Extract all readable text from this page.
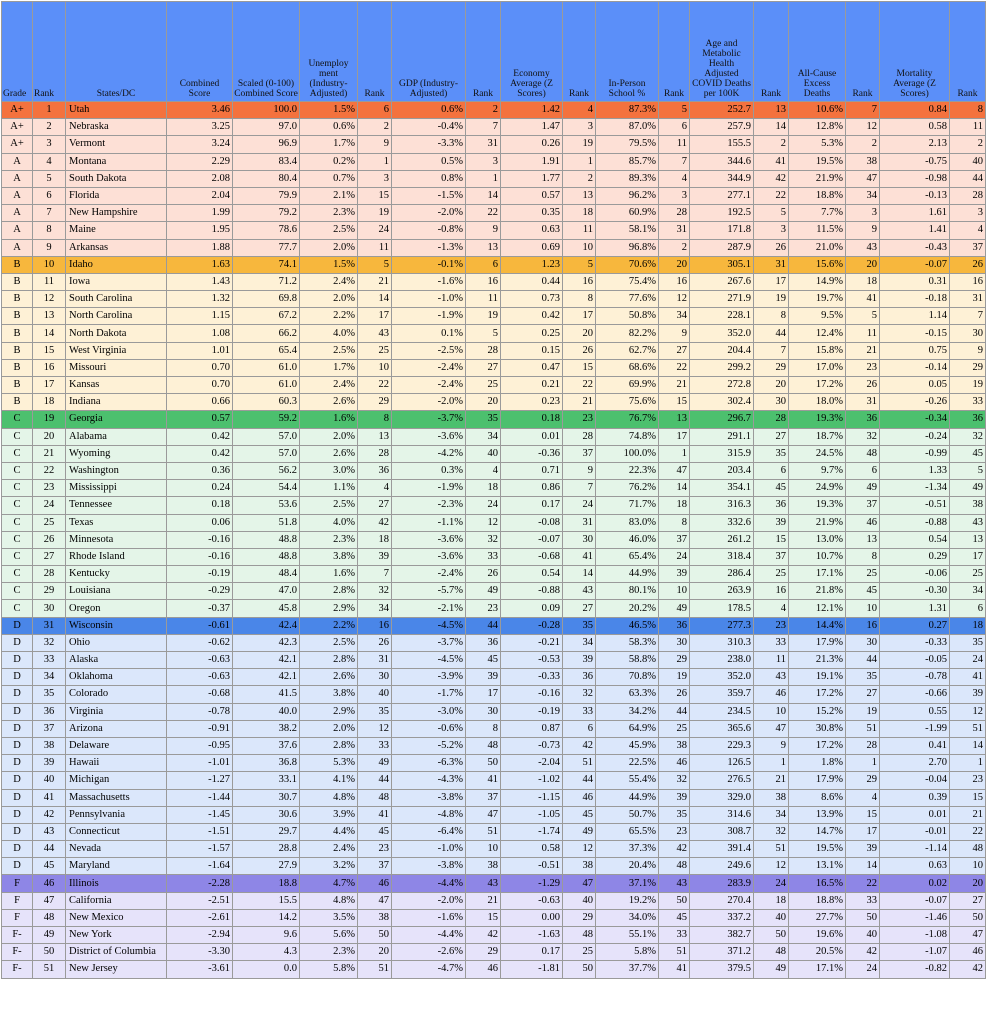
Grade	Rank	States/DC	Combined Score	Scaled (0-100) Combined Score	Unemploy ment (Industry-Adjusted)	Rank	GDP (Industry-Adjusted)	Rank	Economy Average (Z Scores)	Rank	In-Person School %	Rank	Age and Metabolic Health Adjusted COVID Deaths per 100K	Rank	All-Cause Excess Deaths	Rank	Mortality Average (Z Scores)	Rank
A+	1	Utah	3.46	100.0	1.5%	6	0.6%	2	1.42	4	87.3%	5	252.7	13	10.6%	7	0.84	8
A+	2	Nebraska	3.25	97.0	0.6%	2	-0.4%	7	1.47	3	87.0%	6	257.9	14	12.8%	12	0.58	11
A+	3	Vermont	3.24	96.9	1.7%	9	-3.3%	31	0.26	19	79.5%	11	155.5	2	5.3%	2	2.13	2
A	4	Montana	2.29	83.4	0.2%	1	0.5%	3	1.91	1	85.7%	7	344.6	41	19.5%	38	-0.75	40
A	5	South Dakota	2.08	80.4	0.7%	3	0.8%	1	1.77	2	89.3%	4	344.9	42	21.9%	47	-0.98	44
A	6	Florida	2.04	79.9	2.1%	15	-1.5%	14	0.57	13	96.2%	3	277.1	22	18.8%	34	-0.13	28
A	7	New Hampshire	1.99	79.2	2.3%	19	-2.0%	22	0.35	18	60.9%	28	192.5	5	7.7%	3	1.61	3
A	8	Maine	1.95	78.6	2.5%	24	-0.8%	9	0.63	11	58.1%	31	171.8	3	11.5%	9	1.41	4
A	9	Arkansas	1.88	77.7	2.0%	11	-1.3%	13	0.69	10	96.8%	2	287.9	26	21.0%	43	-0.43	37
B	10	Idaho	1.63	74.1	1.5%	5	-0.1%	6	1.23	5	70.6%	20	305.1	31	15.6%	20	-0.07	26
B	11	Iowa	1.43	71.2	2.4%	21	-1.6%	16	0.44	16	75.4%	16	267.6	17	14.9%	18	0.31	16
B	12	South Carolina	1.32	69.8	2.0%	14	-1.0%	11	0.73	8	77.6%	12	271.9	19	19.7%	41	-0.18	31
B	13	North Carolina	1.15	67.2	2.2%	17	-1.9%	19	0.42	17	50.8%	34	228.1	8	9.5%	5	1.14	7
B	14	North Dakota	1.08	66.2	4.0%	43	0.1%	5	0.25	20	82.2%	9	352.0	44	12.4%	11	-0.15	30
B	15	West Virginia	1.01	65.4	2.5%	25	-2.5%	28	0.15	26	62.7%	27	204.4	7	15.8%	21	0.75	9
B	16	Missouri	0.70	61.0	1.7%	10	-2.4%	27	0.47	15	68.6%	22	299.2	29	17.0%	23	-0.14	29
B	17	Kansas	0.70	61.0	2.4%	22	-2.4%	25	0.21	22	69.9%	21	272.8	20	17.2%	26	0.05	19
B	18	Indiana	0.66	60.3	2.6%	29	-2.0%	20	0.23	21	75.6%	15	302.4	30	18.0%	31	-0.26	33
C	19	Georgia	0.57	59.2	1.6%	8	-3.7%	35	0.18	23	76.7%	13	296.7	28	19.3%	36	-0.34	36
C	20	Alabama	0.42	57.0	2.0%	13	-3.6%	34	0.01	28	74.8%	17	291.1	27	18.7%	32	-0.24	32
C	21	Wyoming	0.42	57.0	2.6%	28	-4.2%	40	-0.36	37	100.0%	1	315.9	35	24.5%	48	-0.99	45
C	22	Washington	0.36	56.2	3.0%	36	0.3%	4	0.71	9	22.3%	47	203.4	6	9.7%	6	1.33	5
C	23	Mississippi	0.24	54.4	1.1%	4	-1.9%	18	0.86	7	76.2%	14	354.1	45	24.9%	49	-1.34	49
C	24	Tennessee	0.18	53.6	2.5%	27	-2.3%	24	0.17	24	71.7%	18	316.3	36	19.3%	37	-0.51	38
C	25	Texas	0.06	51.8	4.0%	42	-1.1%	12	-0.08	31	83.0%	8	332.6	39	21.9%	46	-0.88	43
C	26	Minnesota	-0.16	48.8	2.3%	18	-3.6%	32	-0.07	30	46.0%	37	261.2	15	13.0%	13	0.54	13
C	27	Rhode Island	-0.16	48.8	3.8%	39	-3.6%	33	-0.68	41	65.4%	24	318.4	37	10.7%	8	0.29	17
C	28	Kentucky	-0.19	48.4	1.6%	7	-2.4%	26	0.54	14	44.9%	39	286.4	25	17.1%	25	-0.06	25
C	29	Louisiana	-0.29	47.0	2.8%	32	-5.7%	49	-0.88	43	80.1%	10	263.9	16	21.8%	45	-0.30	34
C	30	Oregon	-0.37	45.8	2.9%	34	-2.1%	23	0.09	27	20.2%	49	178.5	4	12.1%	10	1.31	6
D	31	Wisconsin	-0.61	42.4	2.2%	16	-4.5%	44	-0.28	35	46.5%	36	277.3	23	14.4%	16	0.27	18
D	32	Ohio	-0.62	42.3	2.5%	26	-3.7%	36	-0.21	34	58.3%	30	310.3	33	17.9%	30	-0.33	35
D	33	Alaska	-0.63	42.1	2.8%	31	-4.5%	45	-0.53	39	58.8%	29	238.0	11	21.3%	44	-0.05	24
D	34	Oklahoma	-0.63	42.1	2.6%	30	-3.9%	39	-0.33	36	70.8%	19	352.0	43	19.1%	35	-0.78	41
D	35	Colorado	-0.68	41.5	3.8%	40	-1.7%	17	-0.16	32	63.3%	26	359.7	46	17.2%	27	-0.66	39
D	36	Virginia	-0.78	40.0	2.9%	35	-3.0%	30	-0.19	33	34.2%	44	234.5	10	15.2%	19	0.55	12
D	37	Arizona	-0.91	38.2	2.0%	12	-0.6%	8	0.87	6	64.9%	25	365.6	47	30.8%	51	-1.99	51
D	38	Delaware	-0.95	37.6	2.8%	33	-5.2%	48	-0.73	42	45.9%	38	229.3	9	17.2%	28	0.41	14
D	39	Hawaii	-1.01	36.8	5.3%	49	-6.3%	50	-2.04	51	22.5%	46	126.5	1	1.8%	1	2.70	1
D	40	Michigan	-1.27	33.1	4.1%	44	-4.3%	41	-1.02	44	55.4%	32	276.5	21	17.9%	29	-0.04	23
D	41	Massachusetts	-1.44	30.7	4.8%	48	-3.8%	37	-1.15	46	44.9%	39	329.0	38	8.6%	4	0.39	15
D	42	Pennsylvania	-1.45	30.6	3.9%	41	-4.8%	47	-1.05	45	50.7%	35	314.6	34	13.9%	15	0.01	21
D	43	Connecticut	-1.51	29.7	4.4%	45	-6.4%	51	-1.74	49	65.5%	23	308.7	32	14.7%	17	-0.01	22
D	44	Nevada	-1.57	28.8	2.4%	23	-1.0%	10	0.58	12	37.3%	42	391.4	51	19.5%	39	-1.14	48
D	45	Maryland	-1.64	27.9	3.2%	37	-3.8%	38	-0.51	38	20.4%	48	249.6	12	13.1%	14	0.63	10
F	46	Illinois	-2.28	18.8	4.7%	46	-4.4%	43	-1.29	47	37.1%	43	283.9	24	16.5%	22	0.02	20
F	47	California	-2.51	15.5	4.8%	47	-2.0%	21	-0.63	40	19.2%	50	270.4	18	18.8%	33	-0.07	27
F	48	New Mexico	-2.61	14.2	3.5%	38	-1.6%	15	0.00	29	34.0%	45	337.2	40	27.7%	50	-1.46	50
F-	49	New York	-2.94	9.6	5.6%	50	-4.4%	42	-1.63	48	55.1%	33	382.7	50	19.6%	40	-1.08	47
F-	50	District of Columbia	-3.30	4.3	2.3%	20	-2.6%	29	0.17	25	5.8%	51	371.2	48	20.5%	42	-1.07	46
F-	51	New Jersey	-3.61	0.0	5.8%	51	-4.7%	46	-1.81	50	37.7%	41	379.5	49	17.1%	24	-0.82	42
